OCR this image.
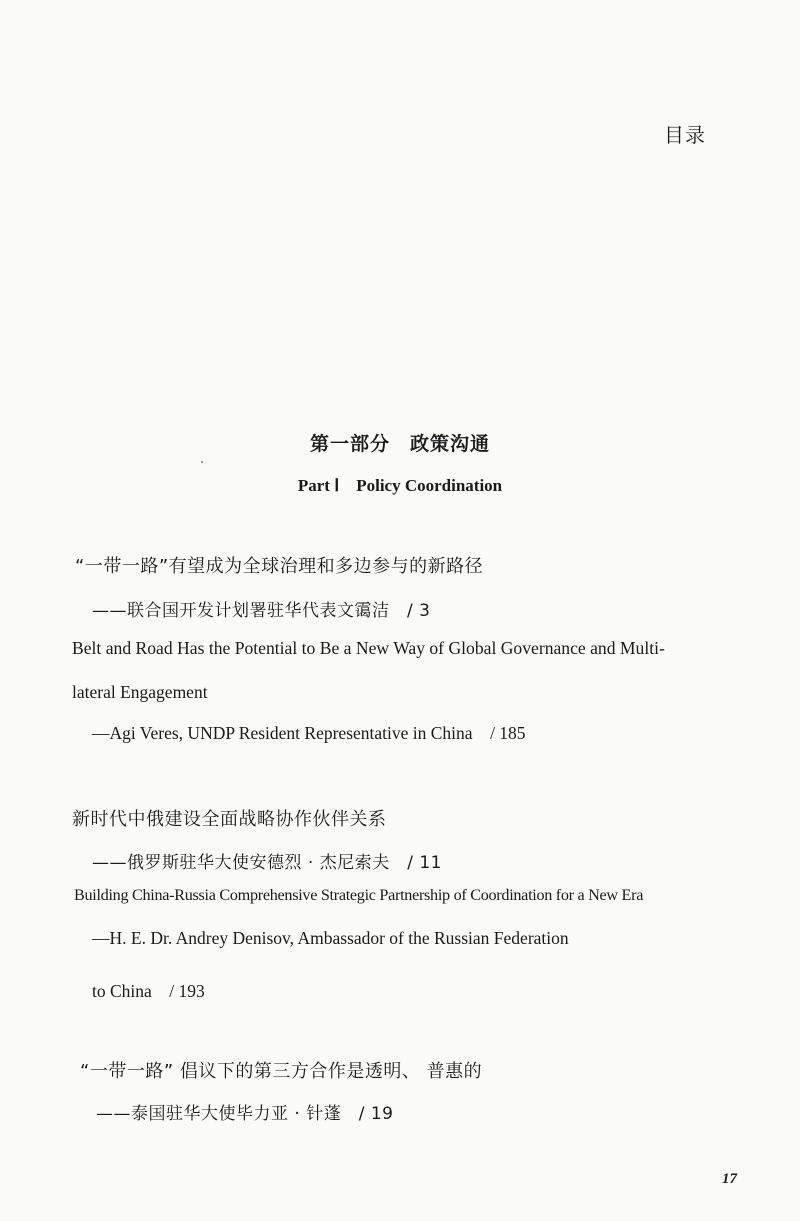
目录
第一部分　政策沟通
Part Ⅰ　Policy Coordination
“一带一路”有望成为全球治理和多边参与的新路径
——联合国开发计划署驻华代表文霭洁　/ 3
Belt and Road Has the Potential to Be a New Way of Global Governance and Multi-
lateral Engagement
—Agi Veres, UNDP Resident Representative in China　/ 185
新时代中俄建设全面战略协作伙伴关系
——俄罗斯驻华大使安德烈 · 杰尼索夫　/ 11
Building China-Russia Comprehensive Strategic Partnership of Coordination for a New Era
—H. E. Dr. Andrey Denisov, Ambassador of the Russian Federation
to China　/ 193
“一带一路” 倡议下的第三方合作是透明、 普惠的
——泰国驻华大使毕力亚 · 针蓬　/ 19
17
